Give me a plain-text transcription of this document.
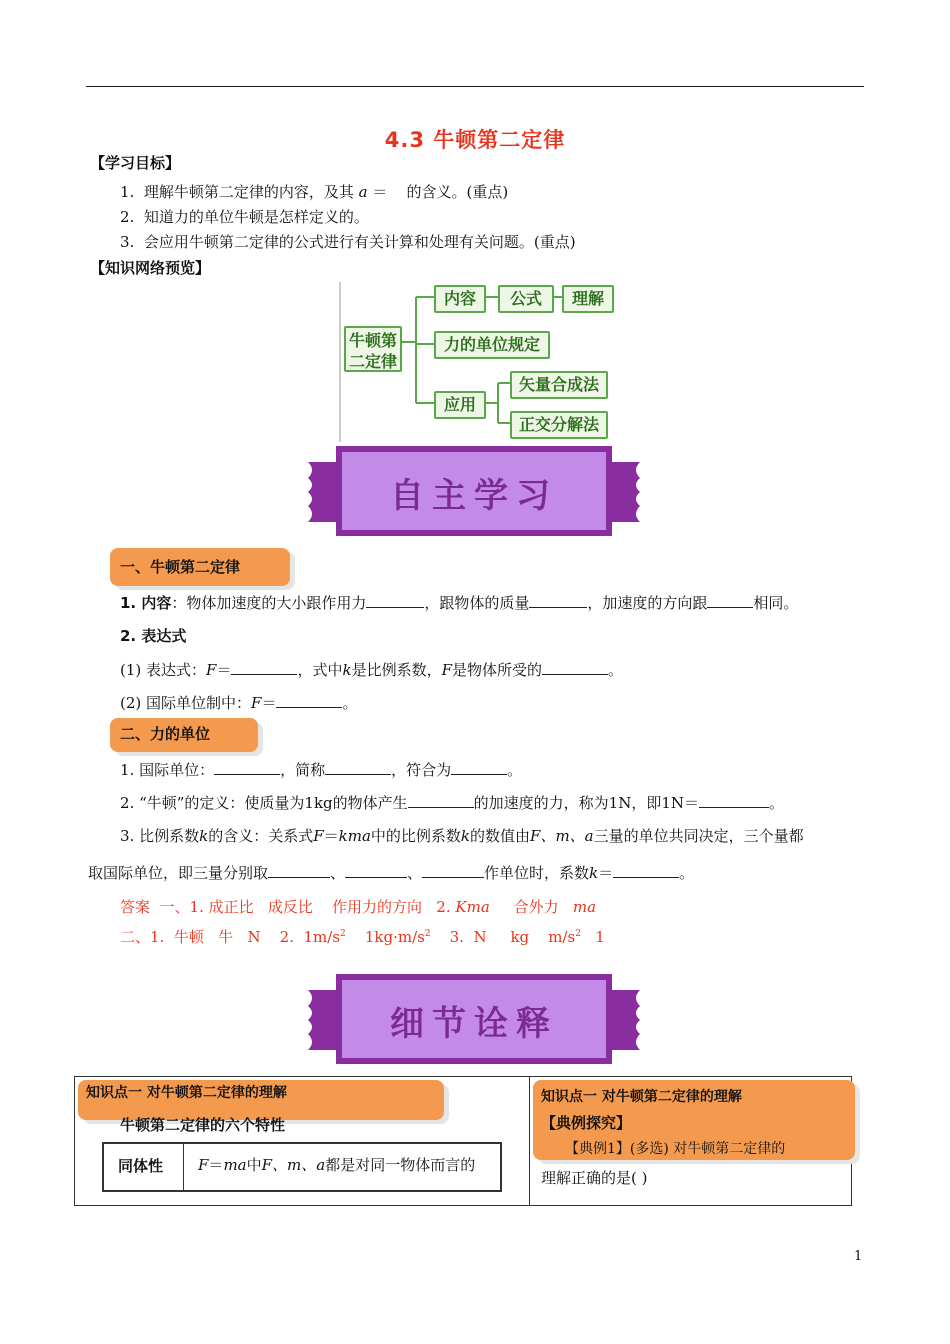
4.3 牛顿第二定律
【学习目标】
1. 理解牛顿第二定律的内容，及其 a ＝ 的含义。(重点)
2. 知道力的单位牛顿是怎样定义的。
3. 会应用牛顿第二定律的公式进行有关计算和处理有关问题。(重点)
【知识网络预览】
牛顿第
二定律
内容	公式	理解
力的单位规定
应用
矢量合成法
正交分解法
自主学习
一、牛顿第二定律
1. 内容：物体加速度的大小跟作用力	，跟物体的质量	，加速度的方向跟	相同。
2. 表达式
(1) 表达式：F＝	，式中k是比例系数，F是物体所受的	。
(2) 国际单位制中：F＝	。
二、力的单位
1. 国际单位：	，简称	，符合为	。
2. “牛顿”的定义：使质量为1kg的物体产生	的加速度的力，称为1N，即1N＝	。
3. 比例系数k的含义：关系式F＝kma中的比例系数k的数值由F、m、a三量的单位共同决定，三个量都
取国际单位，即三量分别取	、	、	作单位时，系数k＝	。
答案  一、1. 成正比   成反比    作用力的方向   2. Kma     合外力   ma
二、1.  牛顿   牛   N    2.  $1m/s^2$    $1kg\cdot m/s^2$    3.  N     kg    $m/s^2$   1
细节诠释
知识点一 对牛顿第二定律的理解
牛顿第二定律的六个特性
同体性	F＝ma中F、m、a都是对同一物体而言的
知识点一 对牛顿第二定律的理解
【典例探究】
【典例1】(多选) 对牛顿第二定律的
理解正确的是( )
1
